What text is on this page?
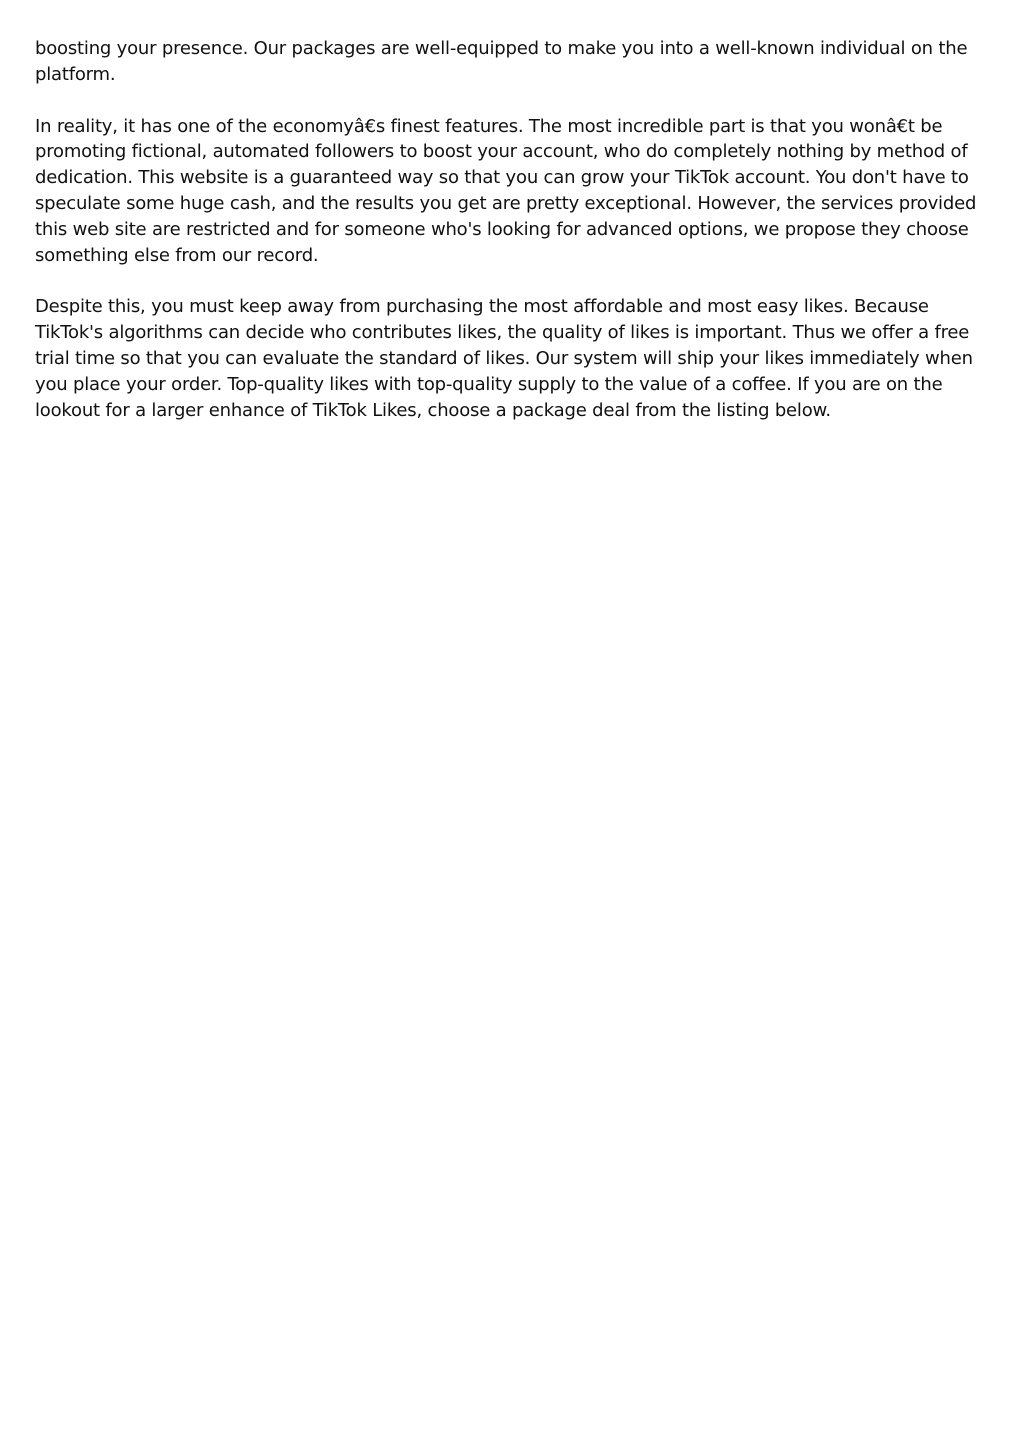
boosting your presence. Our packages are well-equipped to make you into a well-known individual on the platform.

In reality, it has one of the economyâ€s finest features. The most incredible part is that you wonâ€t be promoting fictional, automated followers to boost your account, who do completely nothing by method of dedication. This website is a guaranteed way so that you can grow your TikTok account. You don't have to speculate some huge cash, and the results you get are pretty exceptional. However, the services provided this web site are restricted and for someone who's looking for advanced options, we propose they choose something else from our record.

Despite this, you must keep away from purchasing the most affordable and most easy likes. Because TikTok's algorithms can decide who contributes likes, the quality of likes is important. Thus we offer a free trial time so that you can evaluate the standard of likes. Our system will ship your likes immediately when you place your order. Top-quality likes with top-quality supply to the value of a coffee. If you are on the lookout for a larger enhance of TikTok Likes, choose a package deal from the listing below.
